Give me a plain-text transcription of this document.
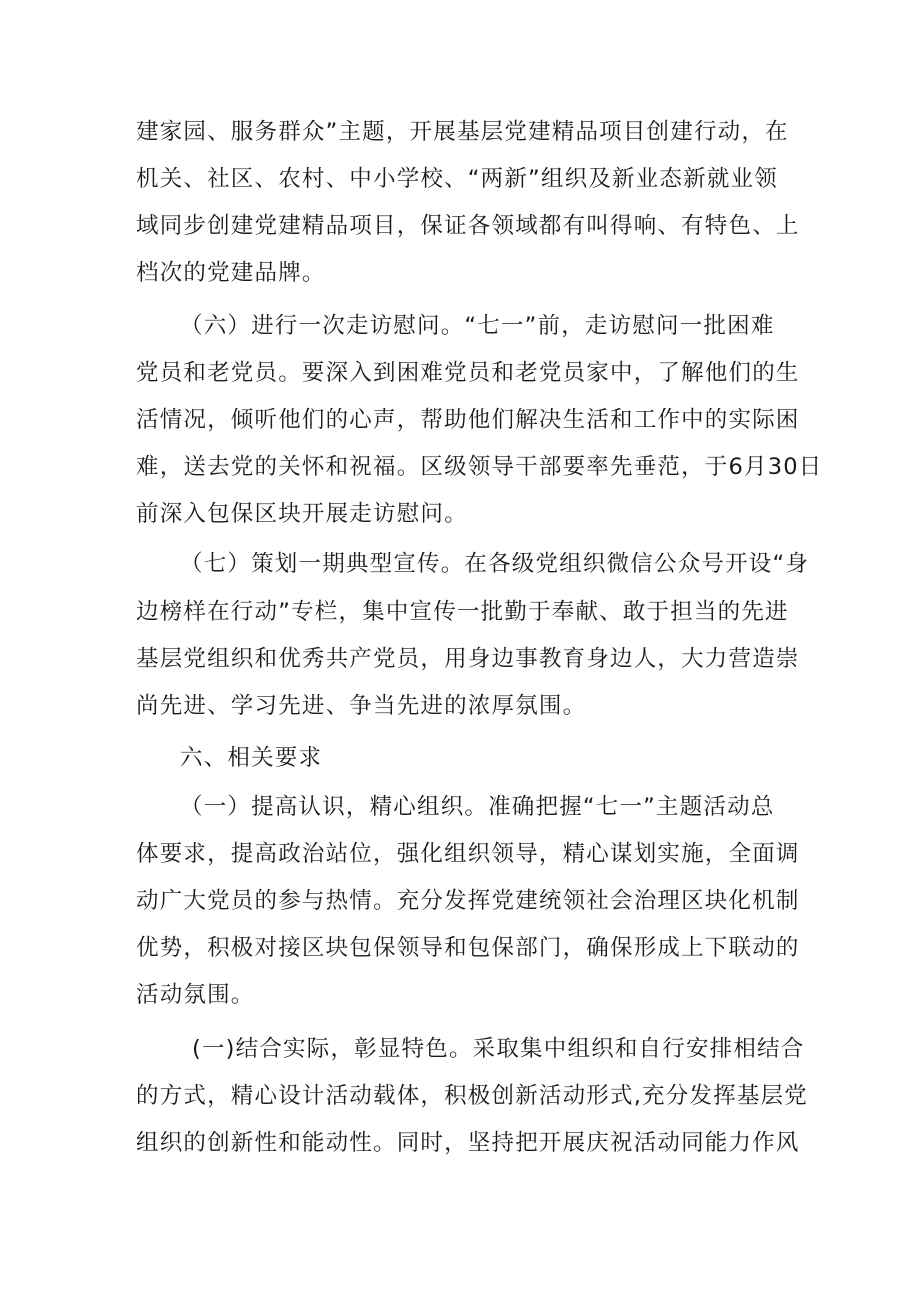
建家园、服务群众”主题，开展基层党建精品项目创建行动，在
机关、社区、农村、中小学校、“两新”组织及新业态新就业领
域同步创建党建精品项目，保证各领域都有叫得响、有特色、上
档次的党建品牌。
（六）进行一次走访慰问。“七一”前，走访慰问一批困难
党员和老党员。要深入到困难党员和老党员家中，了解他们的生
活情况，倾听他们的心声，帮助他们解决生活和工作中的实际困
难，送去党的关怀和祝福。区级领导干部要率先垂范，于6月30日
前深入包保区块开展走访慰问。
（七）策划一期典型宣传。在各级党组织微信公众号开设“身
边榜样在行动”专栏，集中宣传一批勤于奉献、敢于担当的先进
基层党组织和优秀共产党员，用身边事教育身边人，大力营造崇
尚先进、学习先进、争当先进的浓厚氛围。
六、相关要求
（一）提高认识，精心组织。准确把握“七一”主题活动总
体要求，提高政治站位，强化组织领导，精心谋划实施，全面调
动广大党员的参与热情。充分发挥党建统领社会治理区块化机制
优势，积极对接区块包保领导和包保部门，确保形成上下联动的
活动氛围。
(一)结合实际，彰显特色。采取集中组织和自行安排相结合
的方式，精心设计活动载体，积极创新活动形式,充分发挥基层党
组织的创新性和能动性。同时，坚持把开展庆祝活动同能力作风
